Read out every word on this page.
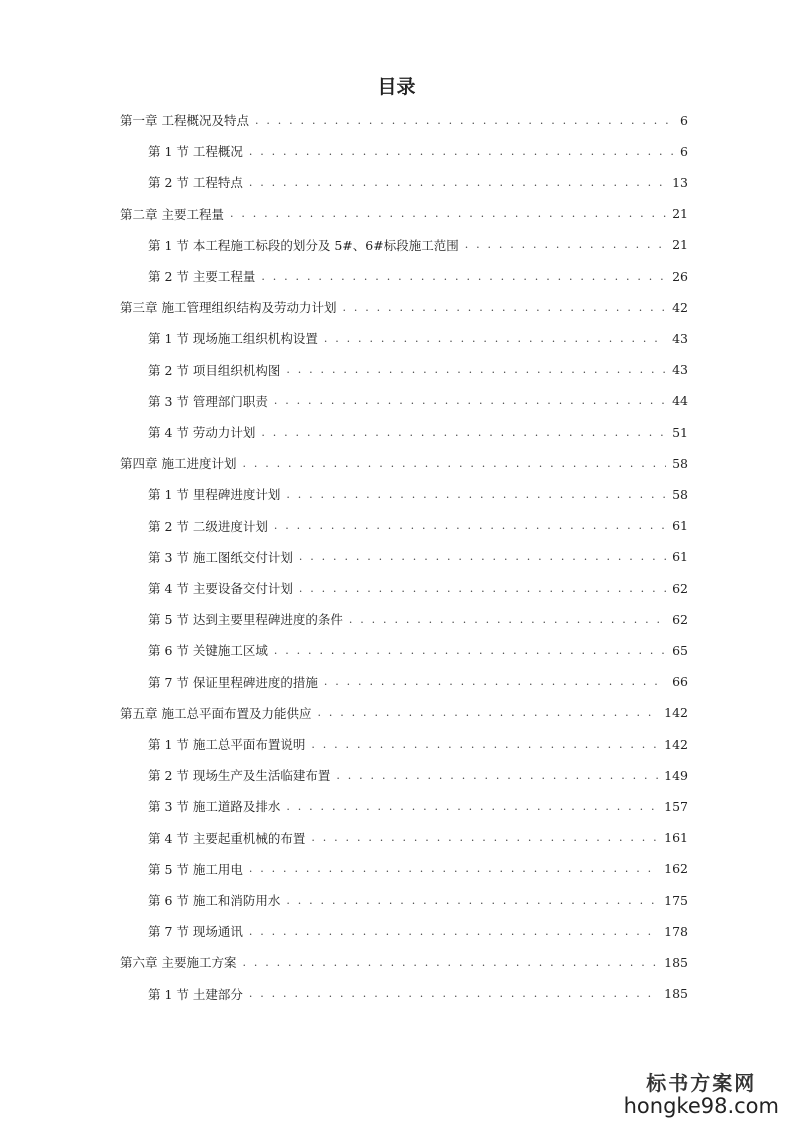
目录
第一章 工程概况及特点 . . .	6
第 1 节 工程概况 . . .	6
第 2 节 工程特点 . . .	13
第二章 主要工程量 . . .	21
第 1 节 本工程施工标段的划分及 5#、6#标段施工范围 . . .	21
第 2 节 主要工程量 . . .	26
第三章 施工管理组织结构及劳动力计划 . . .	42
第 1 节 现场施工组织机构设置 . . .	43
第 2 节 项目组织机构图 . . .	43
第 3 节 管理部门职责 . . .	44
第 4 节 劳动力计划 . . .	51
第四章 施工进度计划 . . .	58
第 1 节 里程碑进度计划 . . .	58
第 2 节 二级进度计划 . . .	61
第 3 节 施工图纸交付计划 . . .	61
第 4 节 主要设备交付计划 . . .	62
第 5 节 达到主要里程碑进度的条件 . . .	62
第 6 节 关键施工区域 . . .	65
第 7 节 保证里程碑进度的措施 . . .	66
第五章 施工总平面布置及力能供应 . . .	142
第 1 节 施工总平面布置说明 . . .	142
第 2 节 现场生产及生活临建布置 . . .	149
第 3 节 施工道路及排水 . . .	157
第 4 节 主要起重机械的布置 . . .	161
第 5 节 施工用电 . . .	162
第 6 节 施工和消防用水 . . .	175
第 7 节 现场通讯 . . .	178
第六章 主要施工方案 . . .	185
第 1 节 土建部分 . . .	185
标书方案网
hongke98.com
